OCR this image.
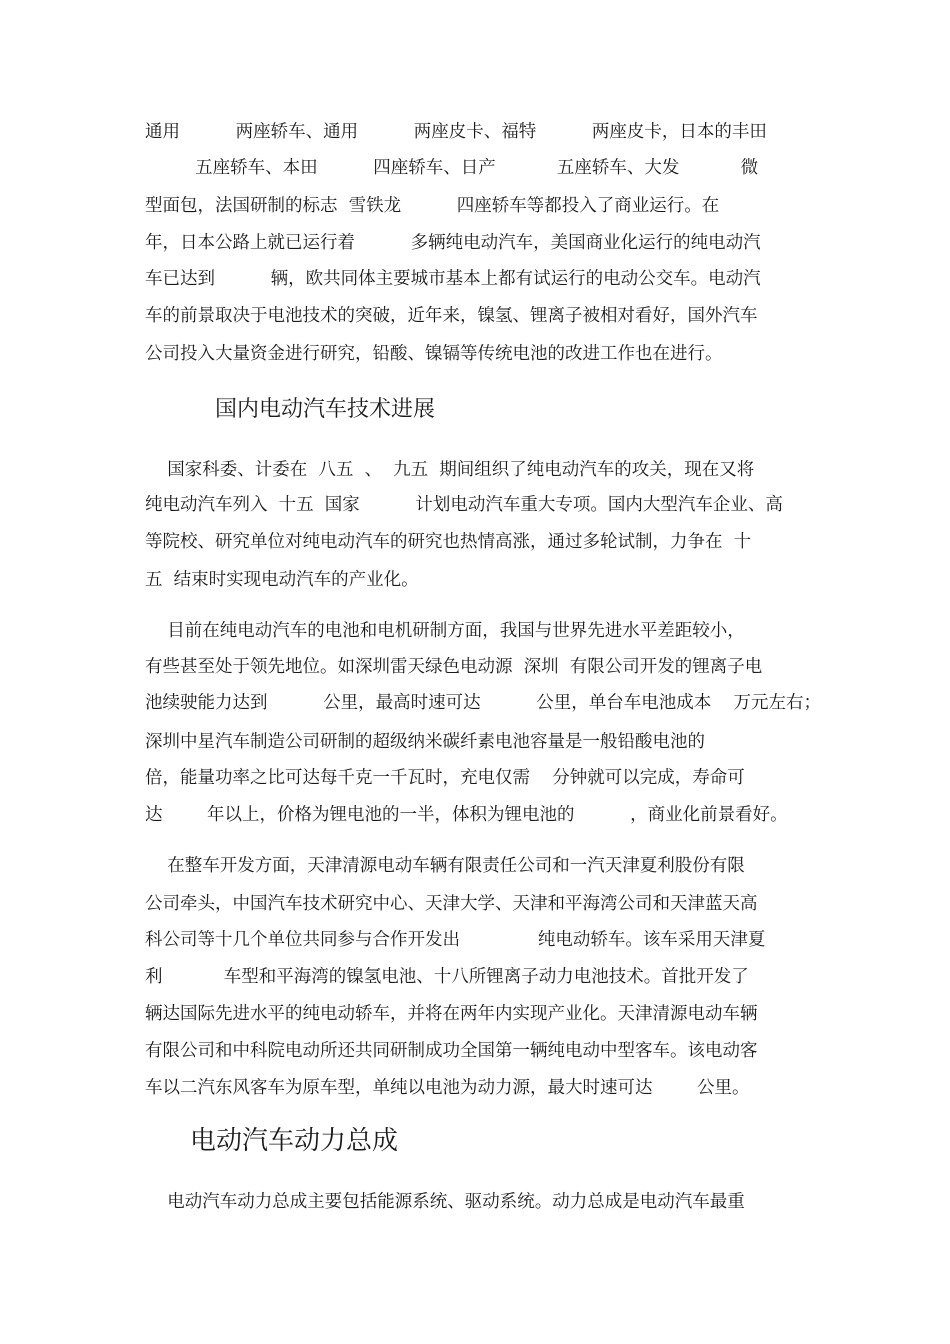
通用          两座轿车、通用          两座皮卡、福特          两座皮卡，日本的丰田
五座轿车、本田          四座轿车、日产           五座轿车、大发           微
型面包，法国研制的标志  雪铁龙          四座轿车等都投入了商业运行。在
年，日本公路上就已运行着          多辆纯电动汽车，美国商业化运行的纯电动汽
车已达到          辆，欧共同体主要城市基本上都有试运行的电动公交车。电动汽
车的前景取决于电池技术的突破，近年来，镍氢、锂离子被相对看好，国外汽车
公司投入大量资金进行研究，铅酸、镍镉等传统电池的改进工作也在进行。
国内电动汽车技术进展
国家科委、计委在  八五  、  九五  期间组织了纯电动汽车的攻关，现在又将
纯电动汽车列入  十五  国家          计划电动汽车重大专项。国内大型汽车企业、高
等院校、研究单位对纯电动汽车的研究也热情高涨，通过多轮试制，力争在  十
五  结束时实现电动汽车的产业化。
目前在纯电动汽车的电池和电机研制方面，我国与世界先进水平差距较小，
有些甚至处于领先地位。如深圳雷天绿色电动源  深圳  有限公司开发的锂离子电
池续驶能力达到          公里，最高时速可达          公里，单台车电池成本    万元左右；
深圳中星汽车制造公司研制的超级纳米碳纤素电池容量是一般铅酸电池的
倍，能量功率之比可达每千克一千瓦时，充电仅需    分钟就可以完成，寿命可
达        年以上，价格为锂电池的一半，体积为锂电池的          ，商业化前景看好。
在整车开发方面，天津清源电动车辆有限责任公司和一汽天津夏利股份有限
公司牵头，中国汽车技术研究中心、天津大学、天津和平海湾公司和天津蓝天高
科公司等十几个单位共同参与合作开发出              纯电动轿车。该车采用天津夏
利           车型和平海湾的镍氢电池、十八所锂离子动力电池技术。首批开发了
辆达国际先进水平的纯电动轿车，并将在两年内实现产业化。天津清源电动车辆
有限公司和中科院电动所还共同研制成功全国第一辆纯电动中型客车。该电动客
车以二汽东风客车为原车型，单纯以电池为动力源，最大时速可达        公里。
电动汽车动力总成
电动汽车动力总成主要包括能源系统、驱动系统。动力总成是电动汽车最重
